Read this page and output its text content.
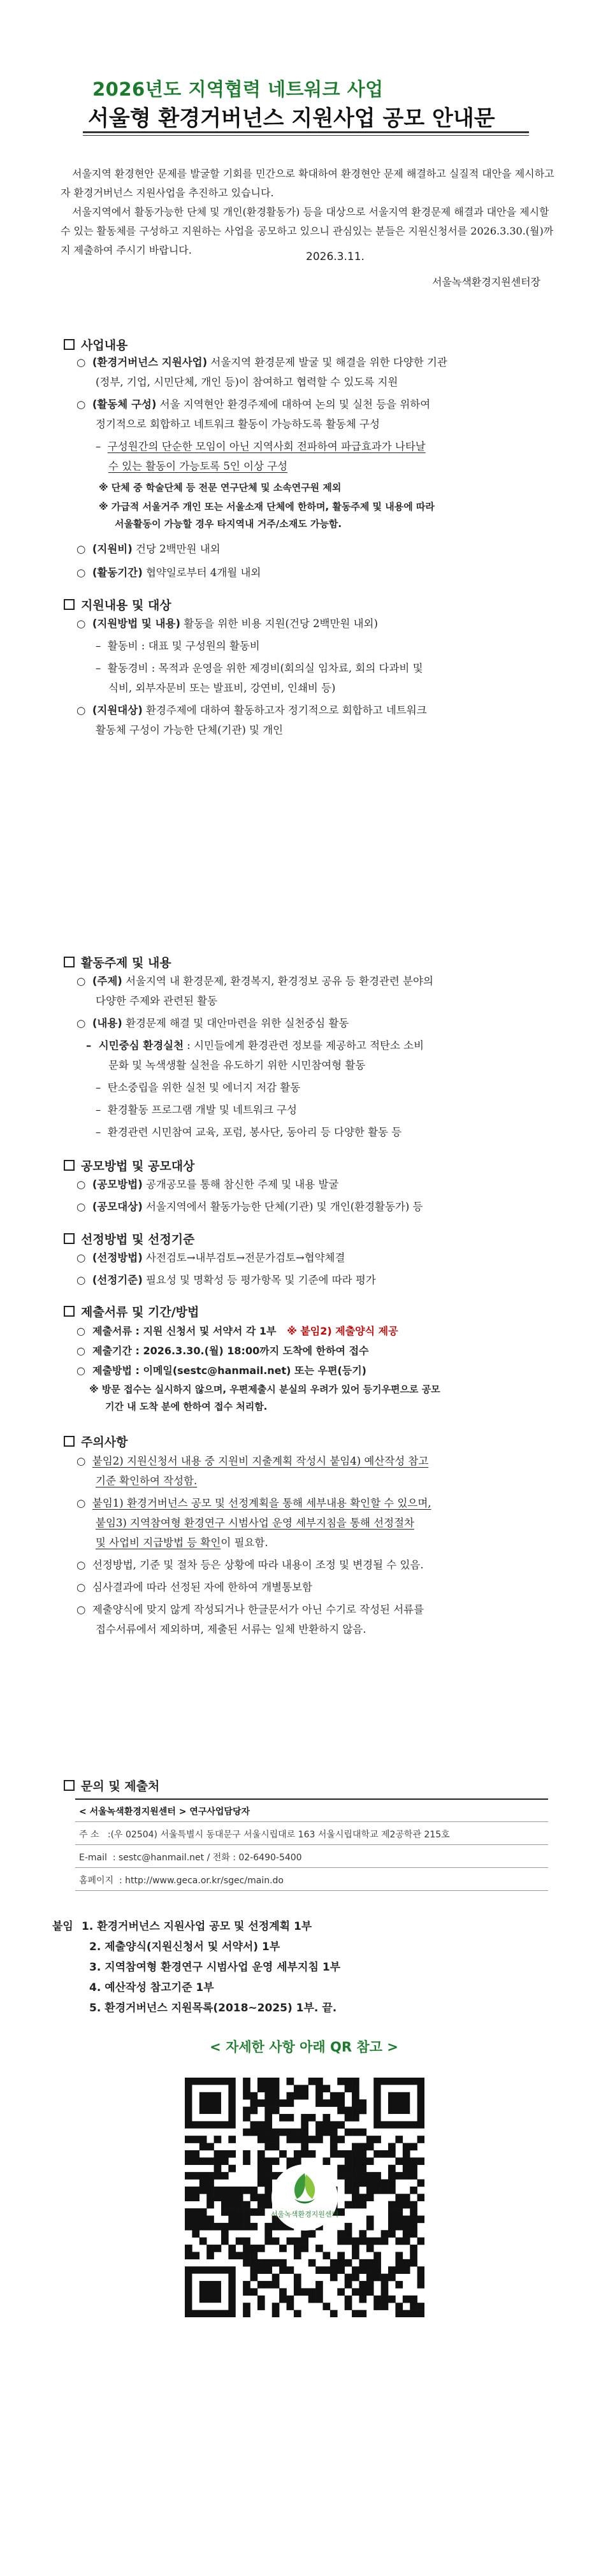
2026년도 지역협력 네트워크 사업
서울형 환경거버넌스 지원사업 공모 안내문

서울지역 환경현안 문제를 발굴할 기회를 민간으로 확대하여 환경현안 문제 해결하고 실질적 대안을 제시하고자 환경거버넌스 지원사업을 추진하고 있습니다.

서울지역에서 활동가능한 단체 및 개인(환경활동가) 등을 대상으로 서울지역 환경문제 해결과 대안을 제시할 수 있는 활동체를 구성하고 지원하는 사업을 공모하고 있으니 관심있는 분들은 지원신청서를 2026.3.30.(월)까지 제출하여 주시기 바랍니다.

2026.3.11.
서울녹색환경지원센터장
사업내용
○  (환경거버넌스 지원사업) 서울지역 환경문제 발굴 및 해결을 위한 다양한 기관
(정부, 기업, 시민단체, 개인 등)이 참여하고 협력할 수 있도록 지원
○  (활동체 구성) 서울 지역현안 환경주제에 대하여 논의 및 실천 등을 위하여
정기적으로 회합하고 네트워크 활동이 가능하도록 활동체 구성
–  구성원간의 단순한 모임이 아닌 지역사회 전파하여 파급효과가 나타날
수 있는 활동이 가능토록 5인 이상 구성
※ 단체 중 학술단체 등 전문 연구단체 및 소속연구원 제외
※ 가급적 서울거주 개인 또는 서울소재 단체에 한하며, 활동주제 및 내용에 따라
서울활동이 가능할 경우 타지역내 거주/소재도 가능함.
○  (지원비) 건당 2백만원 내외
○  (활동기간) 협약일로부터 4개월 내외
지원내용 및 대상
○  (지원방법 및 내용) 활동을 위한 비용 지원(건당 2백만원 내외)
–  활동비 : 대표 및 구성원의 활동비
–  활동경비 : 목적과 운영을 위한 제경비(회의실 임차료, 회의 다과비 및
식비, 외부자문비 또는 발표비, 강연비, 인쇄비 등)
○  (지원대상) 환경주제에 대하여 활동하고자 정기적으로 회합하고 네트워크
활동체 구성이 가능한 단체(기관) 및 개인
활동주제 및 내용
○  (주제) 서울지역 내 환경문제, 환경복지, 환경정보 공유 등 환경관련 분야의
다양한 주제와 관련된 활동
○  (내용) 환경문제 해결 및 대안마련을 위한 실천중심 활동
–  시민중심 환경실천 : 시민들에게 환경관련 정보를 제공하고 적탄소 소비
문화 및 녹색생활 실천을 유도하기 위한 시민참여형 활동
–  탄소중립을 위한 실천 및 에너지 저감 활동
–  환경활동 프로그램 개발 및 네트워크 구성
–  환경관련 시민참여 교육, 포럼, 봉사단, 동아리 등 다양한 활동 등
공모방법 및 공모대상
○  (공모방법) 공개공모를 통해 참신한 주제 및 내용 발굴
○  (공모대상) 서울지역에서 활동가능한 단체(기관) 및 개인(환경활동가) 등
선정방법 및 선정기준
○  (선정방법) 사전검토→내부검토→전문가검토→협약체결
○  (선정기준) 필요성 및 명확성 등 평가항목 및 기준에 따라 평가
제출서류 및 기간/방법
○  제출서류 : 지원 신청서 및 서약서 각 1부 ※ 붙임2) 제출양식 제공
○  제출기간 : 2026.3.30.(월) 18:00까지 도착에 한하여 접수
○  제출방법 : 이메일(sestc@hanmail.net) 또는 우편(등기)
※ 방문 접수는 실시하지 않으며, 우편제출시 분실의 우려가 있어 등기우편으로 공모
기간 내 도착 분에 한하여 접수 처리함.
주의사항
○  붙임2) 지원신청서 내용 중 지원비 지출계획 작성시 붙임4) 예산작성 참고
기준 확인하여 작성함.
○  붙임1) 환경거버넌스 공모 및 선정계획을 통해 세부내용 확인할 수 있으며,
붙임3) 지역참여형 환경연구 시범사업 운영 세부지침을 통해 선정절차
및 사업비 지급방법 등 확인이 필요함.
○  선정방법, 기준 및 절차 등은 상황에 따라 내용이 조정 및 변경될 수 있음.
○  심사결과에 따라 선정된 자에 한하여 개별통보함
○  제출양식에 맞지 않게 작성되거나 한글문서가 아닌 수기로 작성된 서류를
접수서류에서 제외하며, 제출된 서류는 일체 반환하지 않음.
문의 및 제출처
< 서울녹색환경지원센터 > 연구사업담당자
주 소 :(우 02504) 서울특별시 동대문구 서울시립대로 163 서울시립대학교 제2공학관 215호
E-mail : sestc@hanmail.net / 전화 : 02-6490-5400
홈페이지 : http://www.geca.or.kr/sgec/main.do
붙임 1. 환경거버넌스 지원사업 공모 및 선정계획 1부
2. 제출양식(지원신청서 및 서약서) 1부
3. 지역참여형 환경연구 시범사업 운영 세부지침 1부
4. 예산작성 참고기준 1부
5. 환경거버넌스 지원목록(2018~2025) 1부. 끝.
< 자세한 사항 아래 QR 참고 >
서울녹색환경지원센터
